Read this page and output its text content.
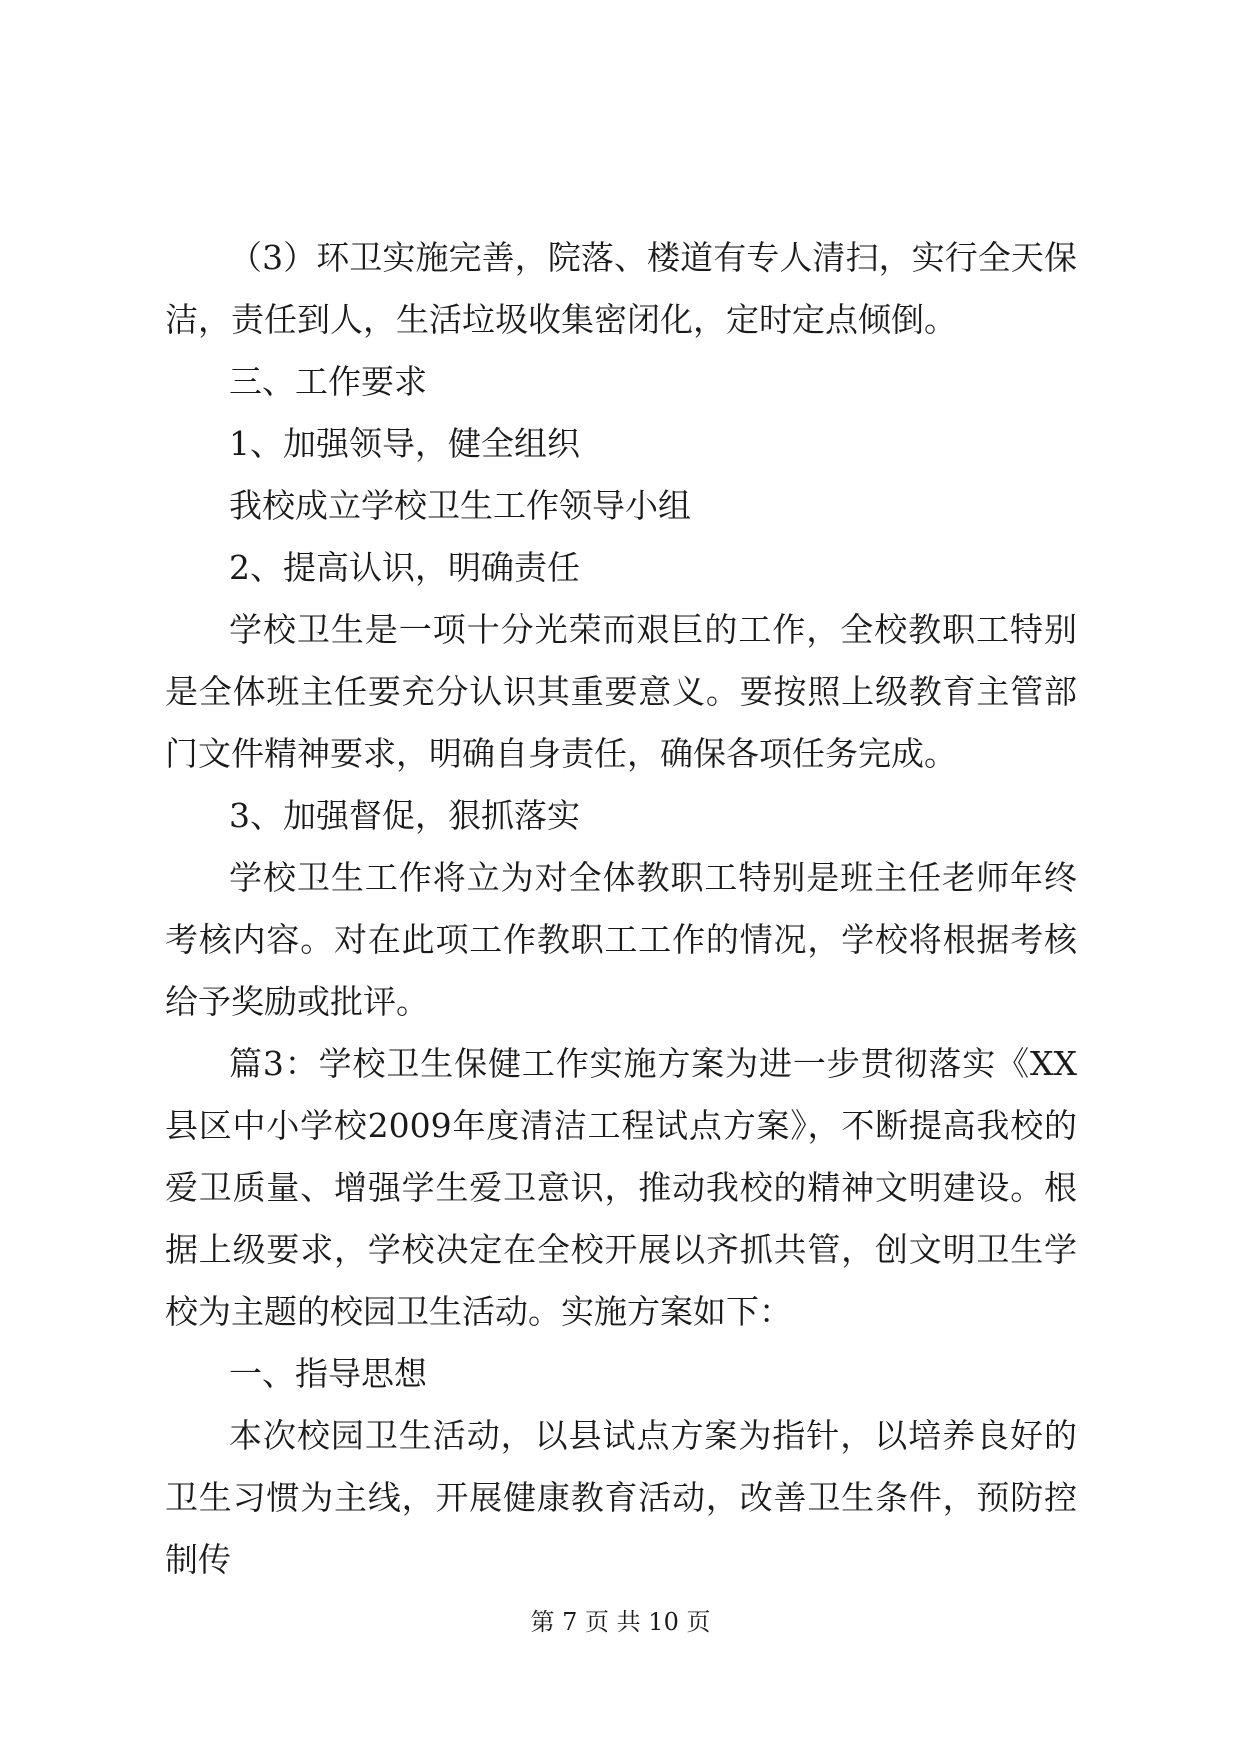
（3）环卫实施完善，院落、楼道有专人清扫，实行全天保洁，责任到人，生活垃圾收集密闭化，定时定点倾倒。

三、工作要求

1、加强领导，健全组织

我校成立学校卫生工作领导小组

2、提高认识，明确责任

学校卫生是一项十分光荣而艰巨的工作，全校教职工特别是全体班主任要充分认识其重要意义。要按照上级教育主管部门文件精神要求，明确自身责任，确保各项任务完成。

3、加强督促，狠抓落实

学校卫生工作将立为对全体教职工特别是班主任老师年终考核内容。对在此项工作教职工工作的情况，学校将根据考核给予奖励或批评。

篇3：学校卫生保健工作实施方案为进一步贯彻落实《XX县区中小学校2009年度清洁工程试点方案》，不断提高我校的爱卫质量、增强学生爱卫意识，推动我校的精神文明建设。根据上级要求，学校决定在全校开展以齐抓共管，创文明卫生学校为主题的校园卫生活动。实施方案如下：

一、指导思想

本次校园卫生活动，以县试点方案为指针，以培养良好的卫生习惯为主线，开展健康教育活动，改善卫生条件，预防控制传

第 7 页 共 10 页
